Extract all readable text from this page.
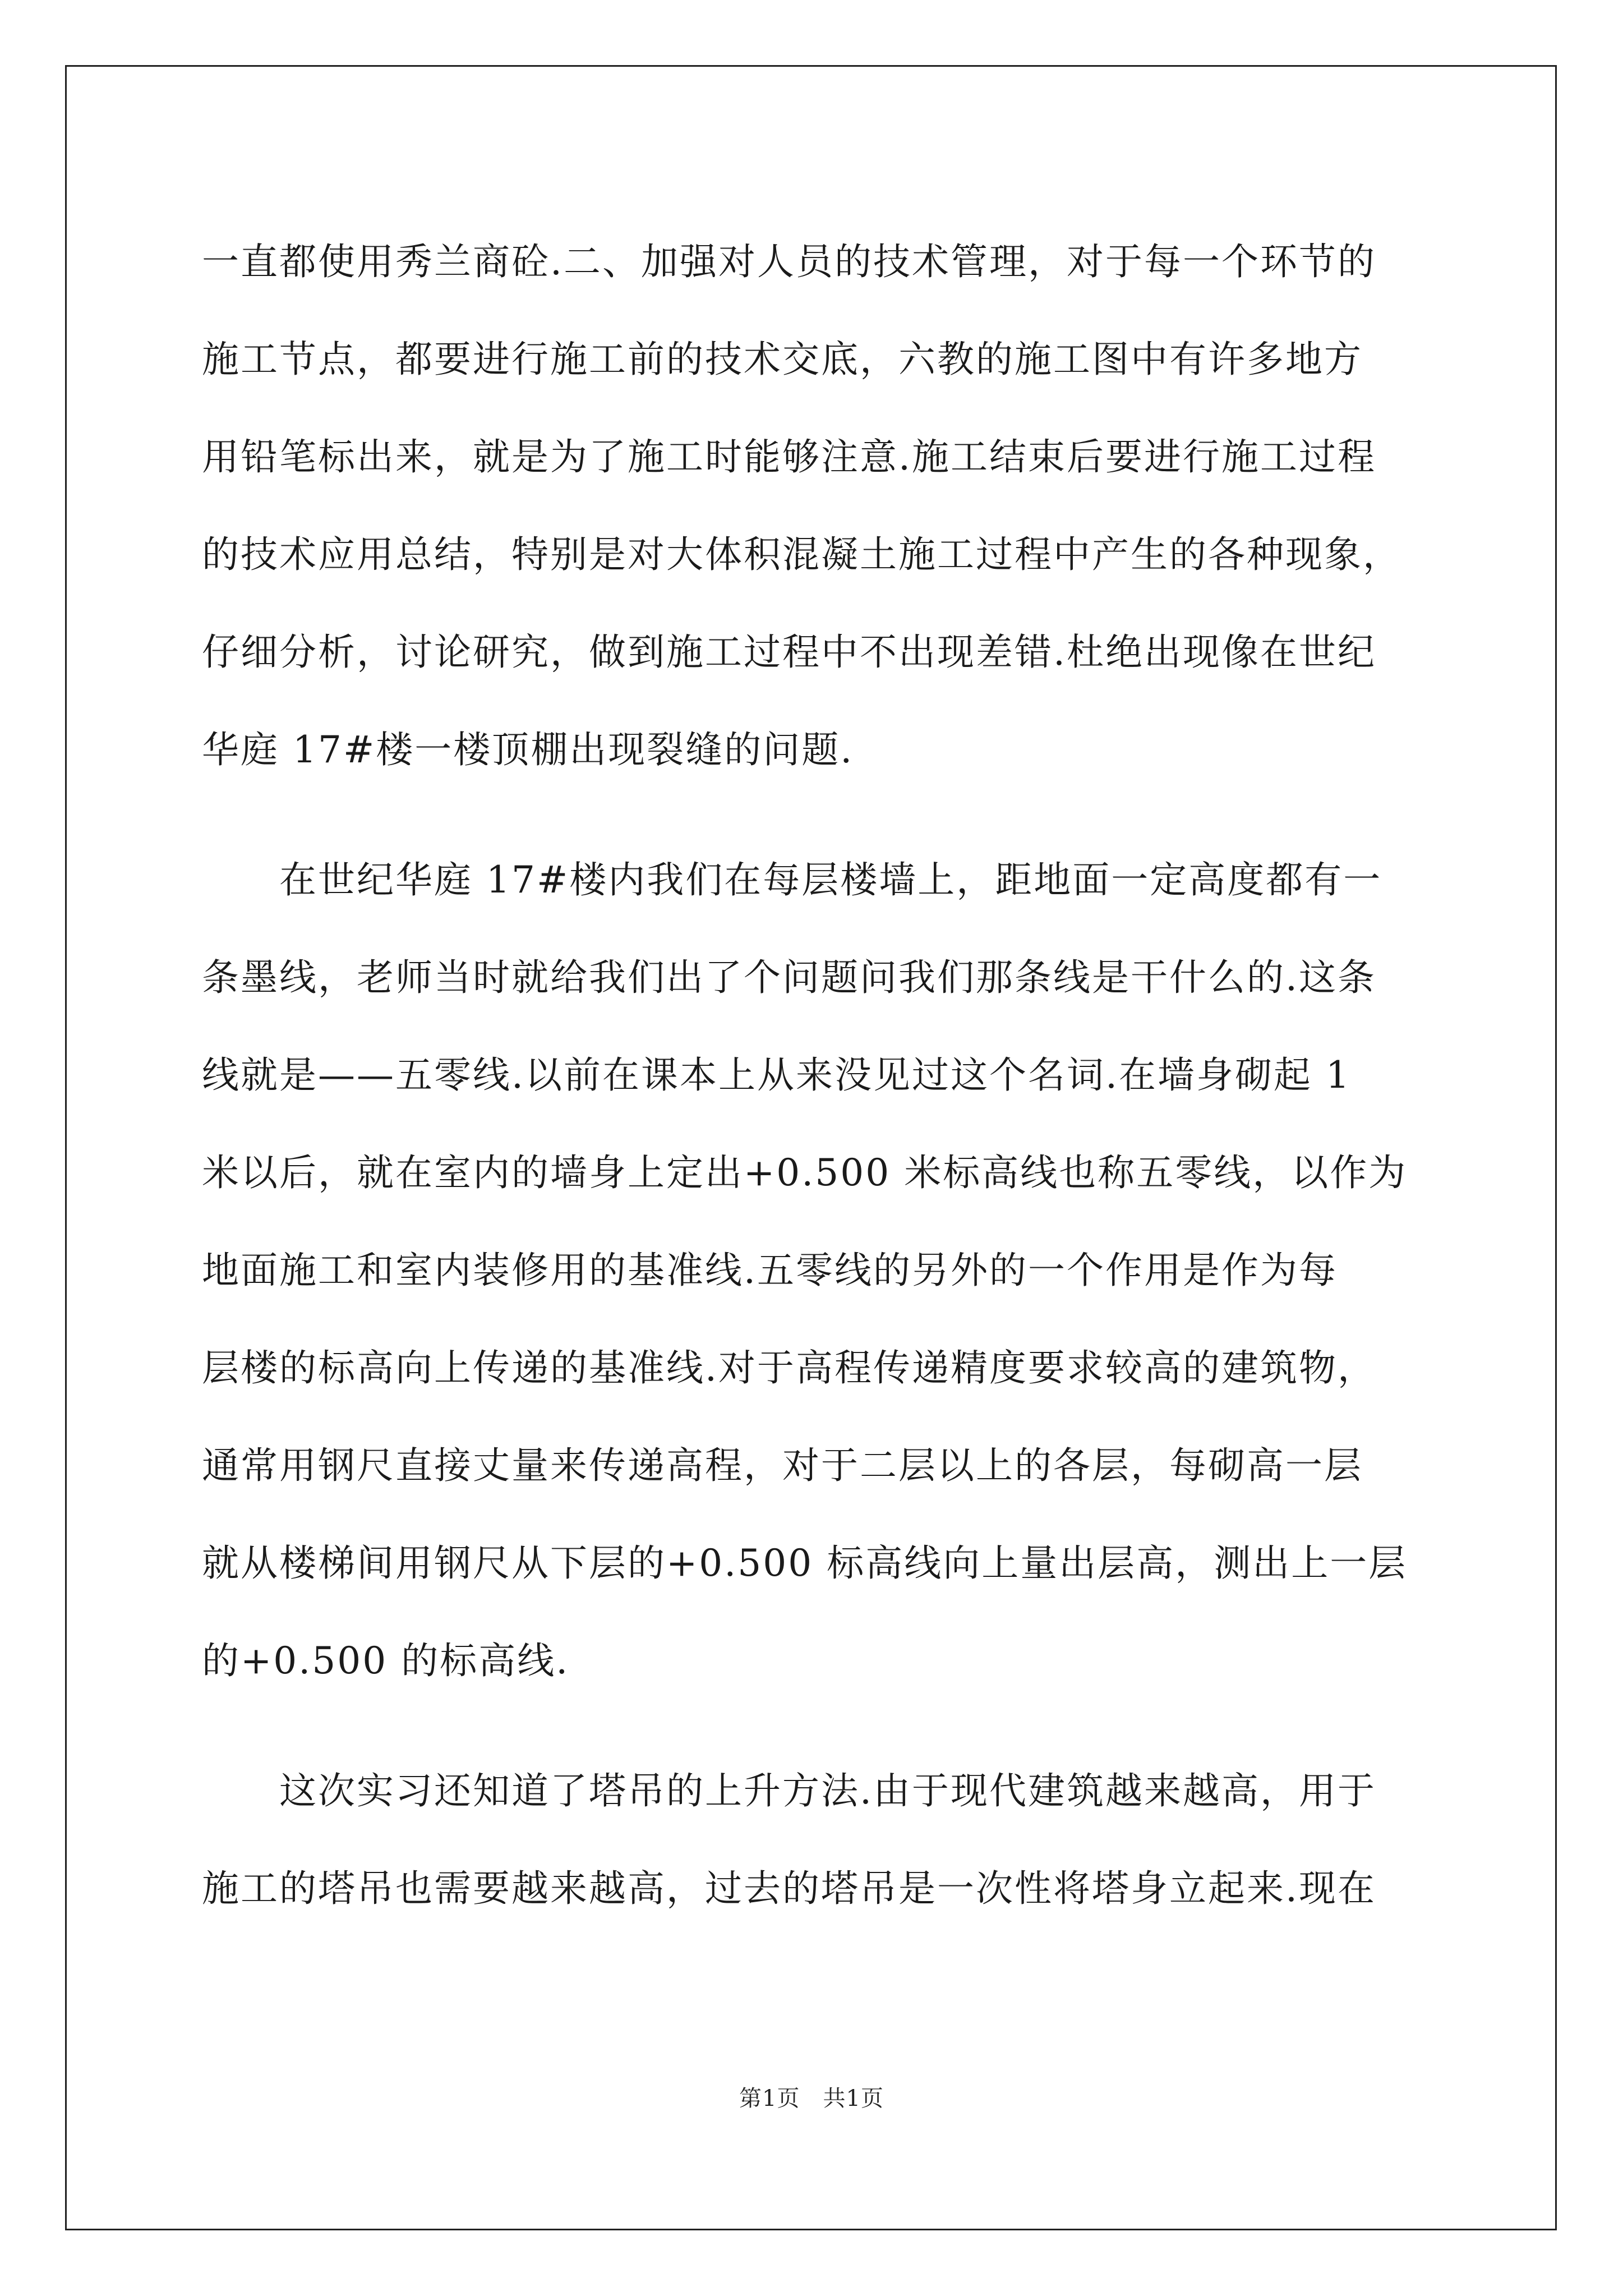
一直都使用秀兰商砼.二、加强对人员的技术管理，对于每一个环节的
施工节点，都要进行施工前的技术交底，六教的施工图中有许多地方
用铅笔标出来，就是为了施工时能够注意.施工结束后要进行施工过程
的技术应用总结，特别是对大体积混凝土施工过程中产生的各种现象，
仔细分析，讨论研究，做到施工过程中不出现差错.杜绝出现像在世纪
华庭 17#楼一楼顶棚出现裂缝的问题.
　　在世纪华庭 17#楼内我们在每层楼墙上，距地面一定高度都有一
条墨线，老师当时就给我们出了个问题问我们那条线是干什么的.这条
线就是——五零线.以前在课本上从来没见过这个名词.在墙身砌起 1
米以后，就在室内的墙身上定出+0.500 米标高线也称五零线，以作为
地面施工和室内装修用的基准线.五零线的另外的一个作用是作为每
层楼的标高向上传递的基准线.对于高程传递精度要求较高的建筑物，
通常用钢尺直接丈量来传递高程，对于二层以上的各层，每砌高一层
就从楼梯间用钢尺从下层的+0.500 标高线向上量出层高，测出上一层
的+0.500 的标高线.
　　这次实习还知道了塔吊的上升方法.由于现代建筑越来越高，用于
施工的塔吊也需要越来越高，过去的塔吊是一次性将塔身立起来.现在
第1页　共1页
